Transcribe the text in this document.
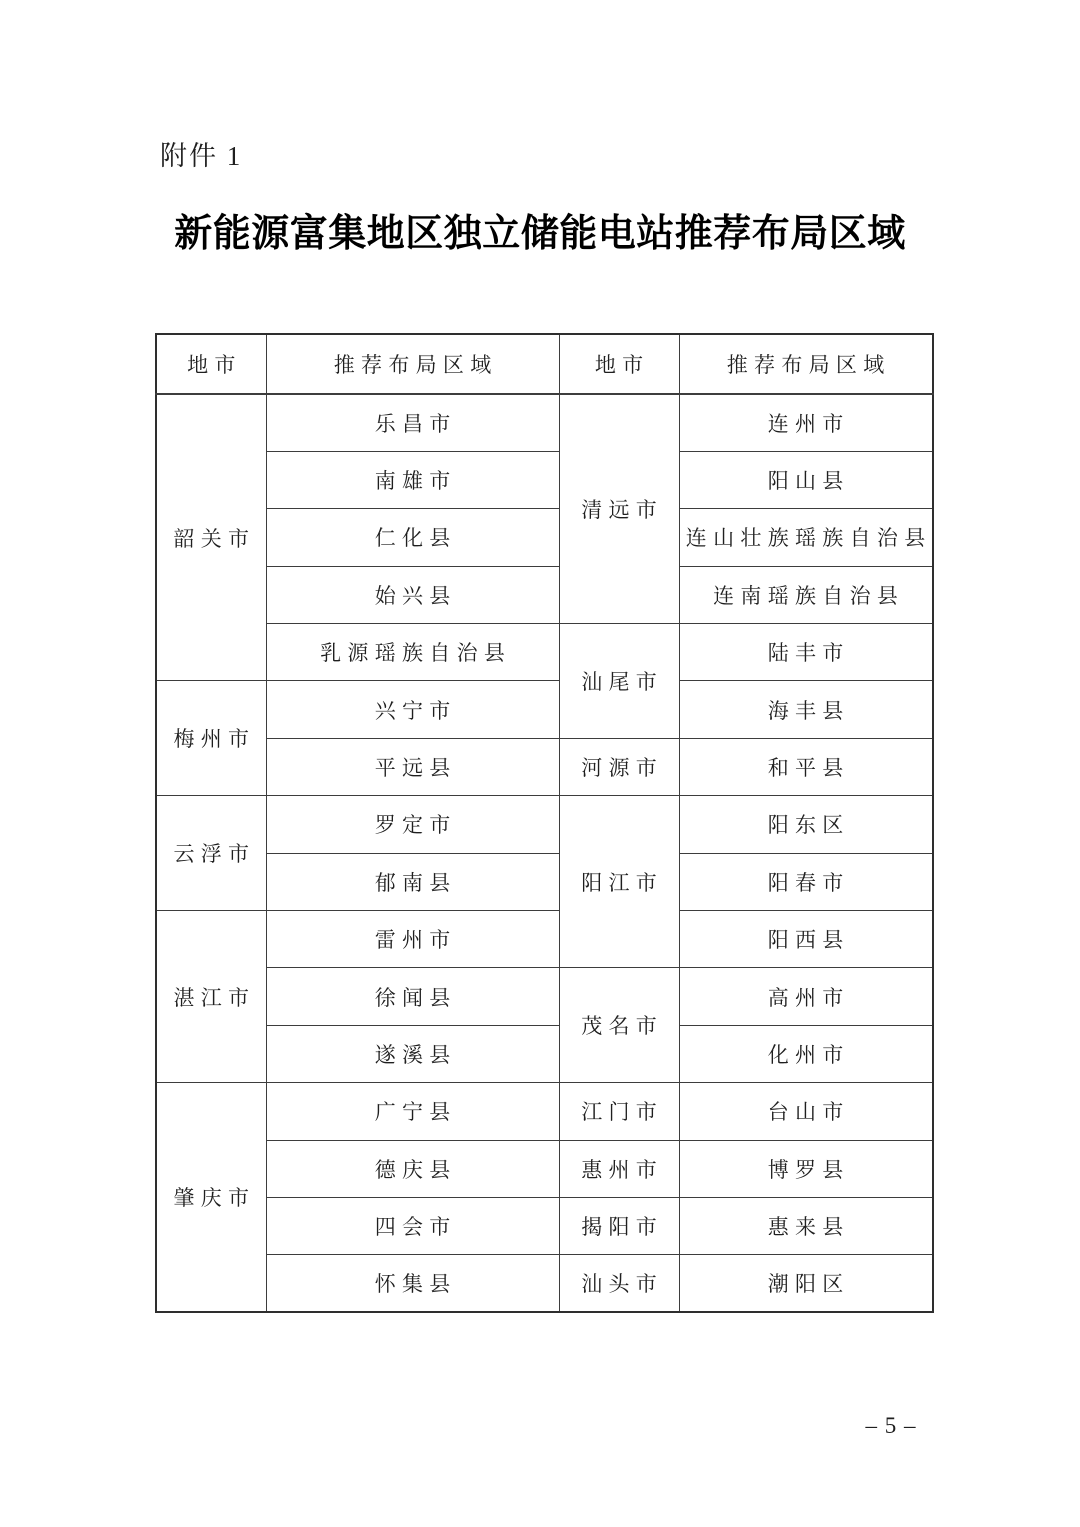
附件 1
新能源富集地区独立储能电站推荐布局区域
地市	推荐布局区域	地市	推荐布局区域
韶关市	乐昌市	清远市	连州市
	南雄市		阳山县
	仁化县		连山壮族瑶族自治县
	始兴县		连南瑶族自治县
	乳源瑶族自治县	汕尾市	陆丰市
梅州市	兴宁市		海丰县
	平远县	河源市	和平县
云浮市	罗定市	阳江市	阳东区
	郁南县		阳春市
湛江市	雷州市		阳西县
	徐闻县	茂名市	高州市
	遂溪县		化州市
肇庆市	广宁县	江门市	台山市
	德庆县	惠州市	博罗县
	四会市	揭阳市	惠来县
	怀集县	汕头市	潮阳区
– 5 –
